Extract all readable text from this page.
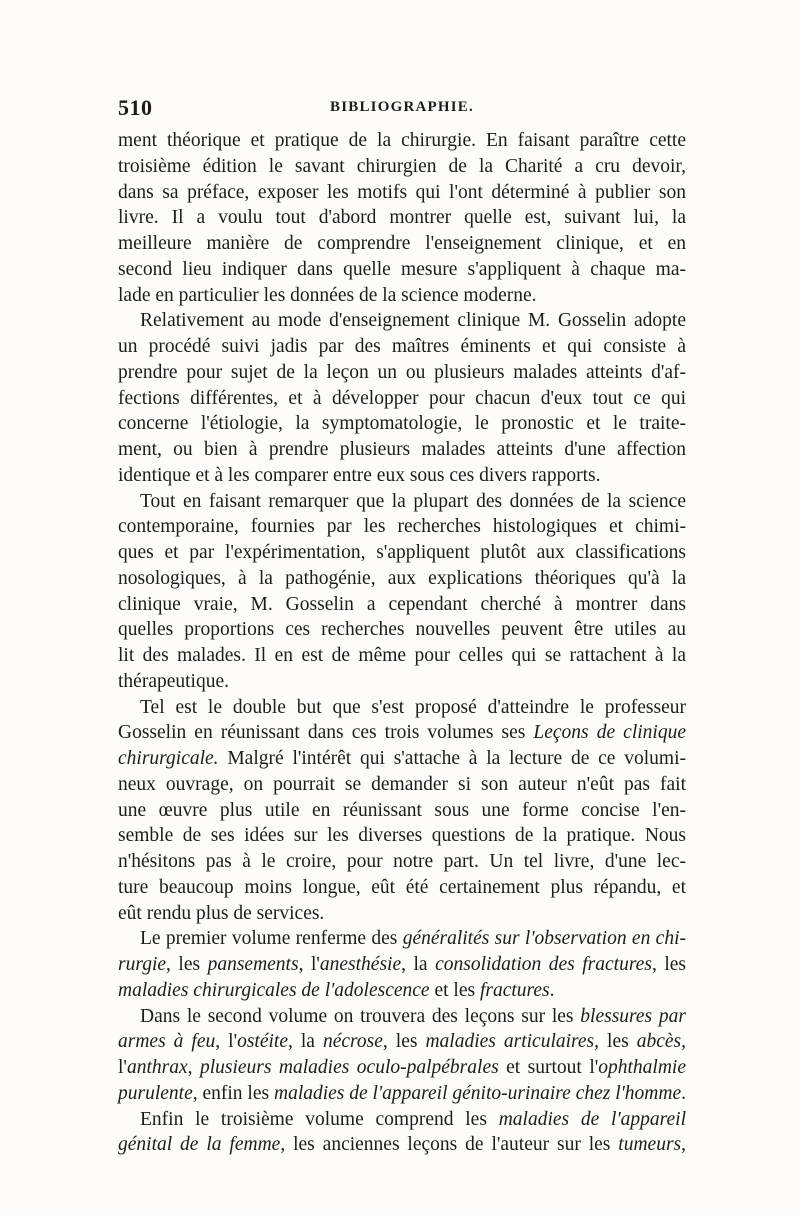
510	BIBLIOGRAPHIE.
ment théorique et pratique de la chirurgie. En faisant paraître cette
troisième édition le savant chirurgien de la Charité a cru devoir,
dans sa préface, exposer les motifs qui l'ont déterminé à publier son
livre. Il a voulu tout d'abord montrer quelle est, suivant lui, la
meilleure manière de comprendre l'enseignement clinique, et en
second lieu indiquer dans quelle mesure s'appliquent à chaque ma-
lade en particulier les données de la science moderne.
Relativement au mode d'enseignement clinique M. Gosselin adopte
un procédé suivi jadis par des maîtres éminents et qui consiste à
prendre pour sujet de la leçon un ou plusieurs malades atteints d'af-
fections différentes, et à développer pour chacun d'eux tout ce qui
concerne l'étiologie, la symptomatologie, le pronostic et le traite-
ment, ou bien à prendre plusieurs malades atteints d'une affection
identique et à les comparer entre eux sous ces divers rapports.
Tout en faisant remarquer que la plupart des données de la science
contemporaine, fournies par les recherches histologiques et chimi-
ques et par l'expérimentation, s'appliquent plutôt aux classifications
nosologiques, à la pathogénie, aux explications théoriques qu'à la
clinique vraie, M. Gosselin a cependant cherché à montrer dans
quelles proportions ces recherches nouvelles peuvent être utiles au
lit des malades. Il en est de même pour celles qui se rattachent à la
thérapeutique.
Tel est le double but que s'est proposé d'atteindre le professeur
Gosselin en réunissant dans ces trois volumes ses Leçons de clinique
chirurgicale. Malgré l'intérêt qui s'attache à la lecture de ce volumi-
neux ouvrage, on pourrait se demander si son auteur n'eût pas fait
une œuvre plus utile en réunissant sous une forme concise l'en-
semble de ses idées sur les diverses questions de la pratique. Nous
n'hésitons pas à le croire, pour notre part. Un tel livre, d'une lec-
ture beaucoup moins longue, eût été certainement plus répandu, et
eût rendu plus de services.
Le premier volume renferme des généralités sur l'observation en chi-
rurgie, les pansements, l'anesthésie, la consolidation des fractures, les
maladies chirurgicales de l'adolescence et les fractures.
Dans le second volume on trouvera des leçons sur les blessures par
armes à feu, l'ostéite, la nécrose, les maladies articulaires, les abcès,
l'anthrax, plusieurs maladies oculo-palpébrales et surtout l'ophthalmie
purulente, enfin les maladies de l'appareil génito-urinaire chez l'homme.
Enfin le troisième volume comprend les maladies de l'appareil
génital de la femme, les anciennes leçons de l'auteur sur les tumeurs,
